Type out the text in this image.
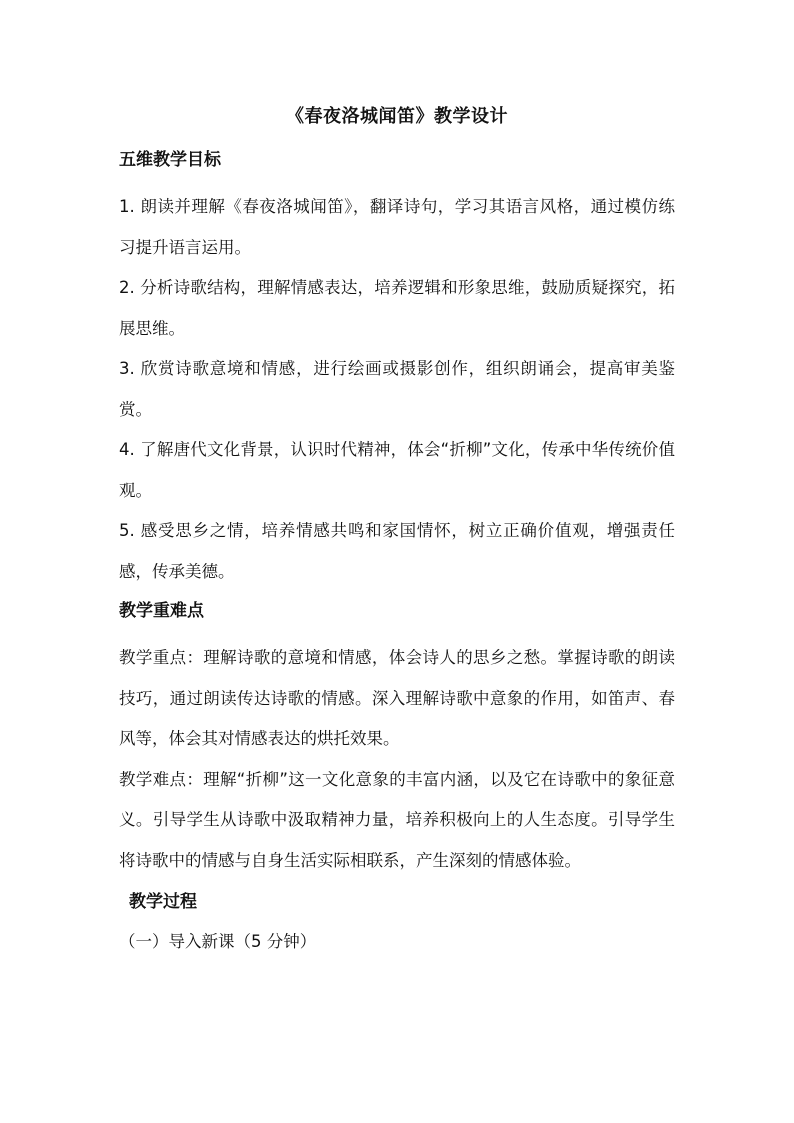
《春夜洛城闻笛》教学设计

五维教学目标

1. 朗读并理解《春夜洛城闻笛》，翻译诗句，学习其语言风格，通过模仿练习提升语言运用。

2. 分析诗歌结构，理解情感表达，培养逻辑和形象思维，鼓励质疑探究，拓展思维。

3. 欣赏诗歌意境和情感，进行绘画或摄影创作，组织朗诵会，提高审美鉴赏。

4. 了解唐代文化背景，认识时代精神，体会“折柳”文化，传承中华传统价值观。

5. 感受思乡之情，培养情感共鸣和家国情怀，树立正确价值观，增强责任感，传承美德。

教学重难点

教学重点：理解诗歌的意境和情感，体会诗人的思乡之愁。掌握诗歌的朗读技巧，通过朗读传达诗歌的情感。深入理解诗歌中意象的作用，如笛声、春风等，体会其对情感表达的烘托效果。

教学难点：理解“折柳”这一文化意象的丰富内涵，以及它在诗歌中的象征意义。引导学生从诗歌中汲取精神力量，培养积极向上的人生态度。引导学生将诗歌中的情感与自身生活实际相联系，产生深刻的情感体验。

教学过程

（一）导入新课（5 分钟）
